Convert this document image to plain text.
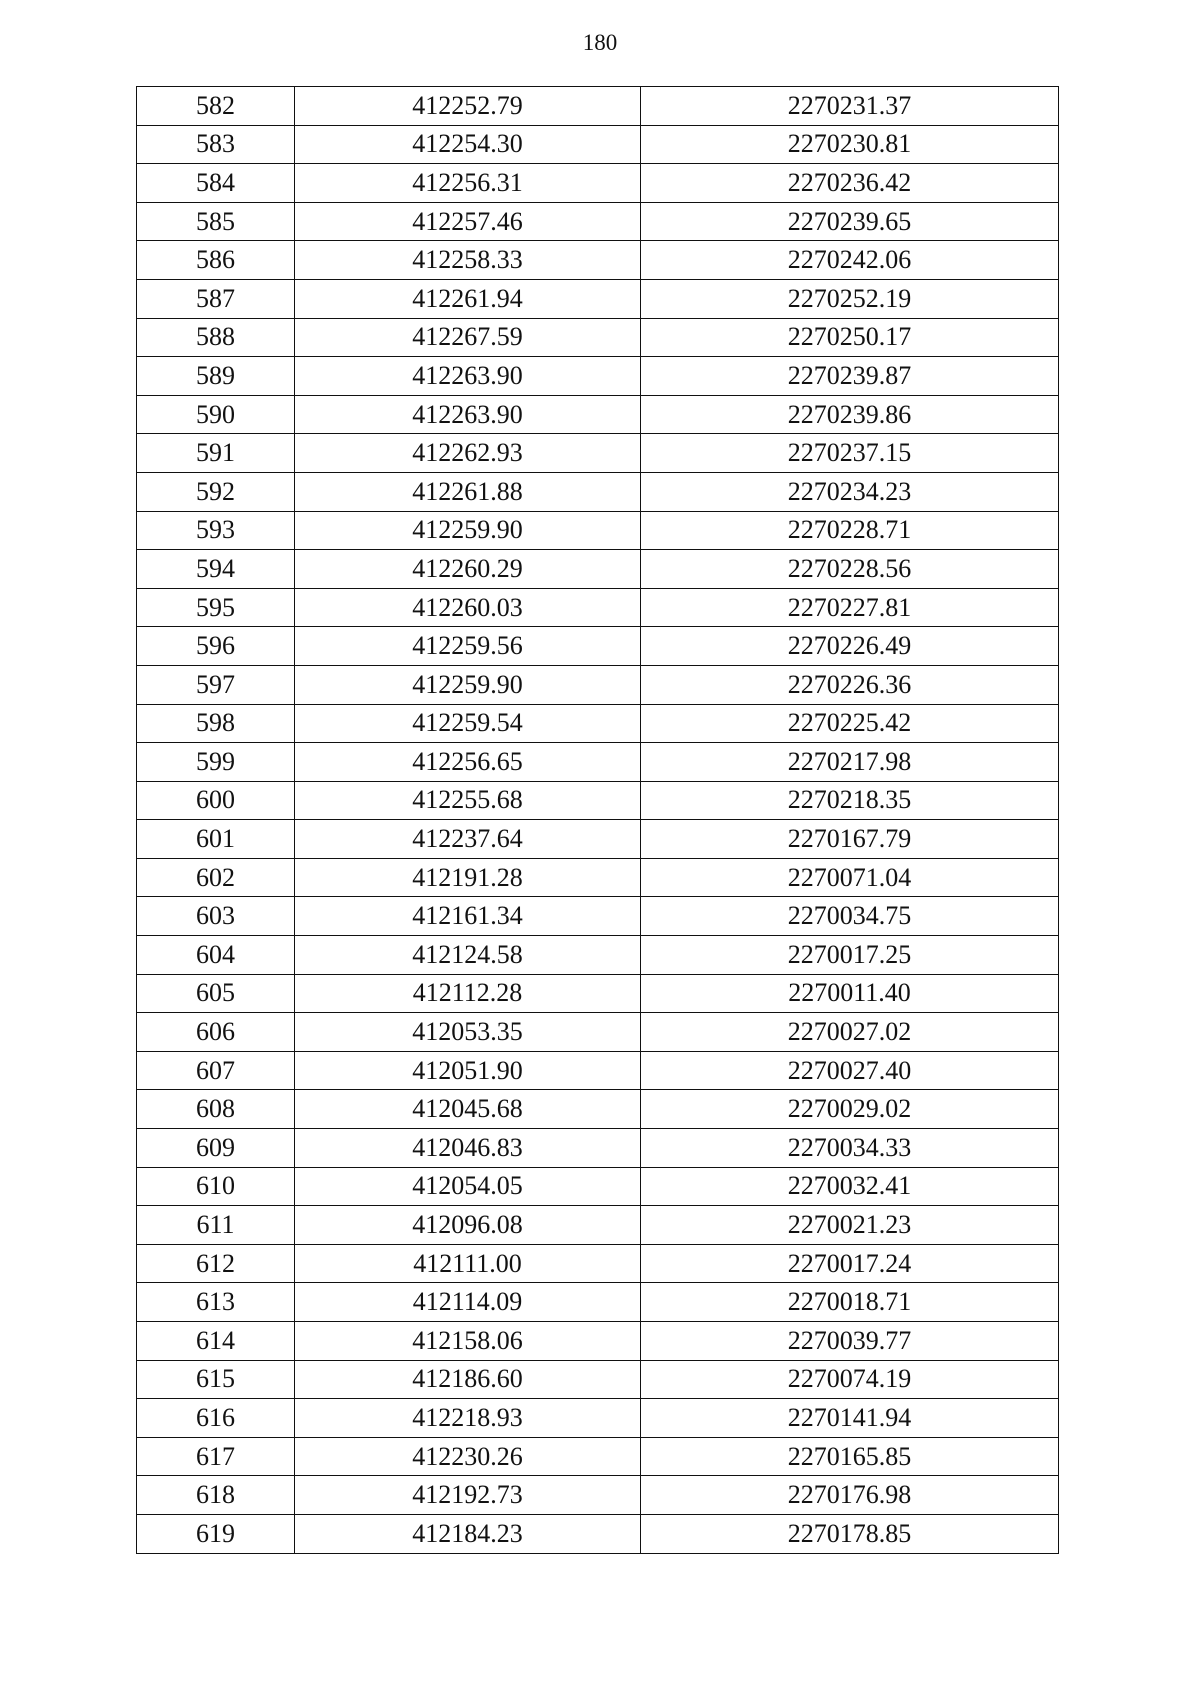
180
582	412252.79	2270231.37
583	412254.30	2270230.81
584	412256.31	2270236.42
585	412257.46	2270239.65
586	412258.33	2270242.06
587	412261.94	2270252.19
588	412267.59	2270250.17
589	412263.90	2270239.87
590	412263.90	2270239.86
591	412262.93	2270237.15
592	412261.88	2270234.23
593	412259.90	2270228.71
594	412260.29	2270228.56
595	412260.03	2270227.81
596	412259.56	2270226.49
597	412259.90	2270226.36
598	412259.54	2270225.42
599	412256.65	2270217.98
600	412255.68	2270218.35
601	412237.64	2270167.79
602	412191.28	2270071.04
603	412161.34	2270034.75
604	412124.58	2270017.25
605	412112.28	2270011.40
606	412053.35	2270027.02
607	412051.90	2270027.40
608	412045.68	2270029.02
609	412046.83	2270034.33
610	412054.05	2270032.41
611	412096.08	2270021.23
612	412111.00	2270017.24
613	412114.09	2270018.71
614	412158.06	2270039.77
615	412186.60	2270074.19
616	412218.93	2270141.94
617	412230.26	2270165.85
618	412192.73	2270176.98
619	412184.23	2270178.85
